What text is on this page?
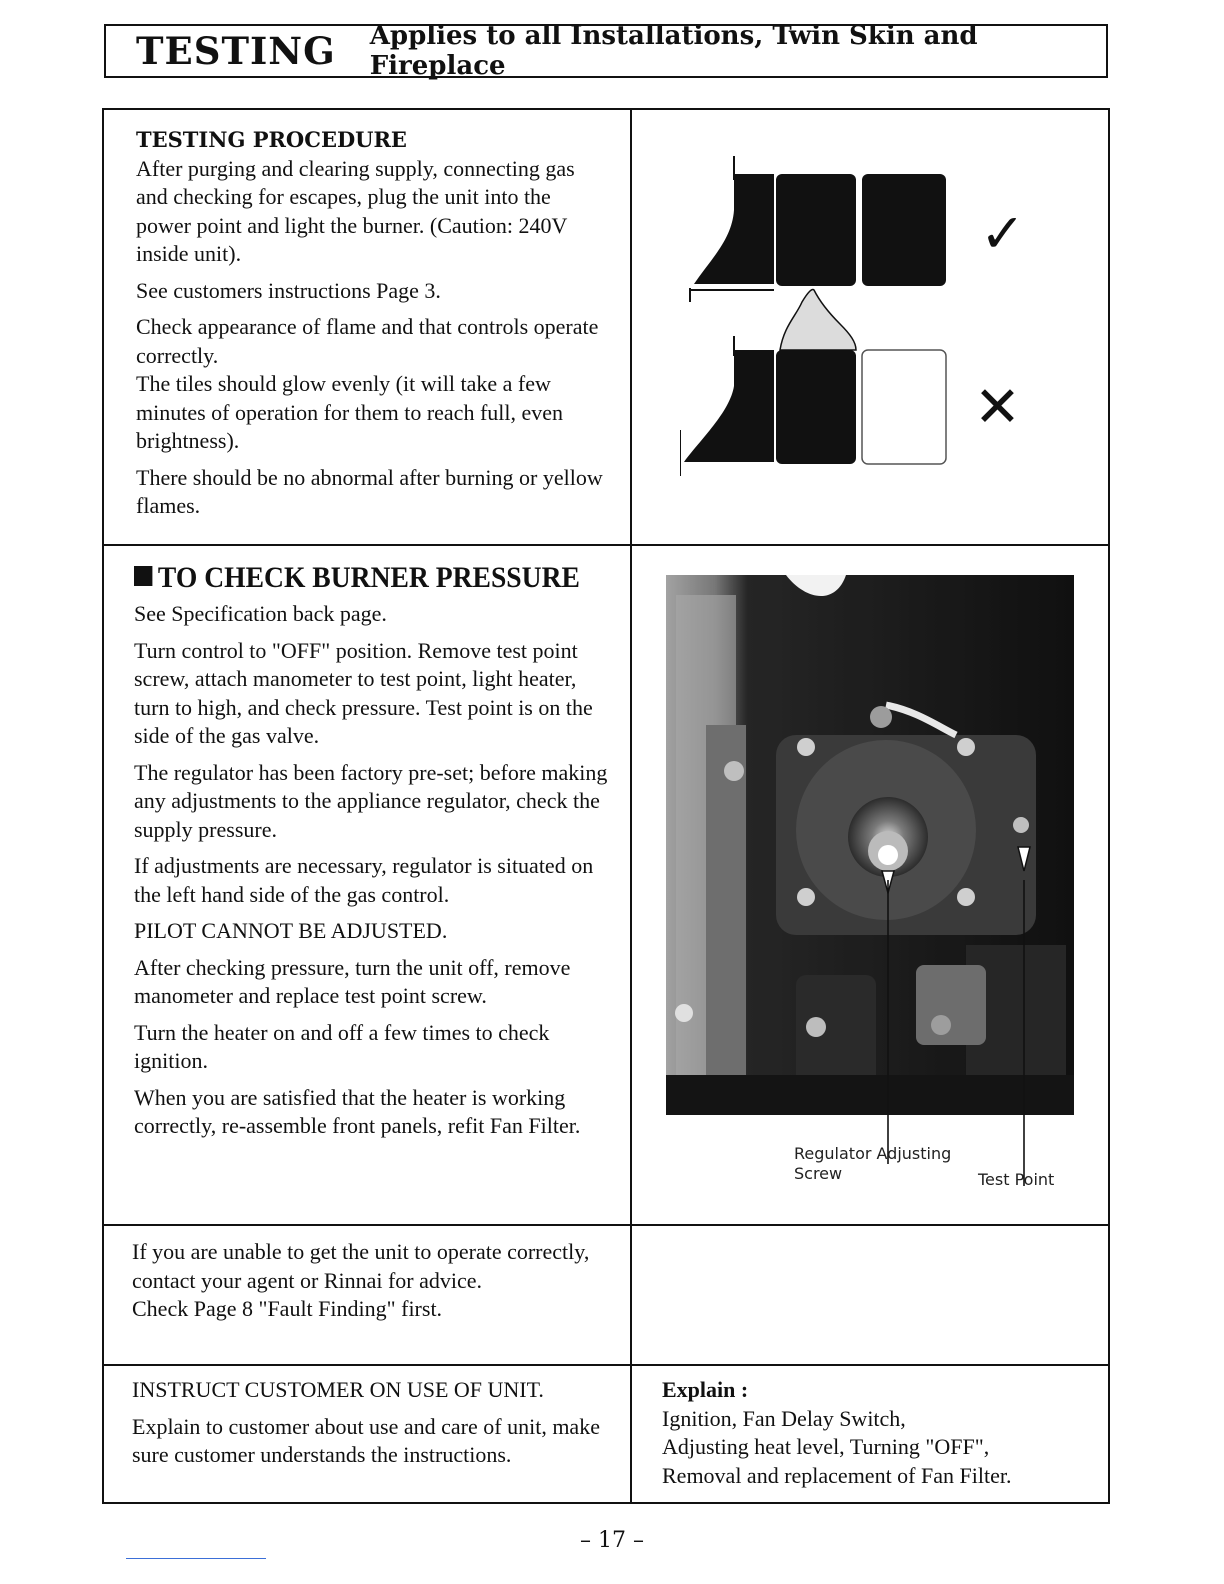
TESTING Applies to all Installations, Twin Skin and Fireplace
TESTING PROCEDURE

After purging and clearing supply, connecting gas and checking for escapes, plug the unit into the power point and light the burner. (Caution: 240V inside unit).

See customers instructions Page 3.

Check appearance of flame and that controls operate correctly.

The tiles should glow evenly (it will take a few minutes of operation for them to reach full, even brightness).

There should be no abnormal after burning or yellow flames.

✓
✕
TO CHECK BURNER PRESSURE

See Specification back page.

Turn control to "OFF" position. Remove test point screw, attach manometer to test point, light heater, turn to high, and check pressure. Test point is on the side of the gas valve.

The regulator has been factory pre-set; before making any adjustments to the appliance regulator, check the supply pressure.

If adjustments are necessary, regulator is situated on the left hand side of the gas control.

PILOT CANNOT BE ADJUSTED.

After checking pressure, turn the unit off, remove manometer and replace test point screw.

Turn the heater on and off a few times to check ignition.

When you are satisfied that the heater is working correctly, re-assemble front panels, refit Fan Filter.

Regulator Adjusting
Screw	Test Point
If you are unable to get the unit to operate correctly, contact your agent or Rinnai for advice.
Check Page 8 "Fault Finding" first.

INSTRUCT CUSTOMER ON USE OF UNIT.

Explain to customer about use and care of unit, make sure customer understands the instructions.

Explain :
Ignition, Fan Delay Switch,
Adjusting heat level, Turning "OFF",
Removal and replacement of Fan Filter.
– 17 –
